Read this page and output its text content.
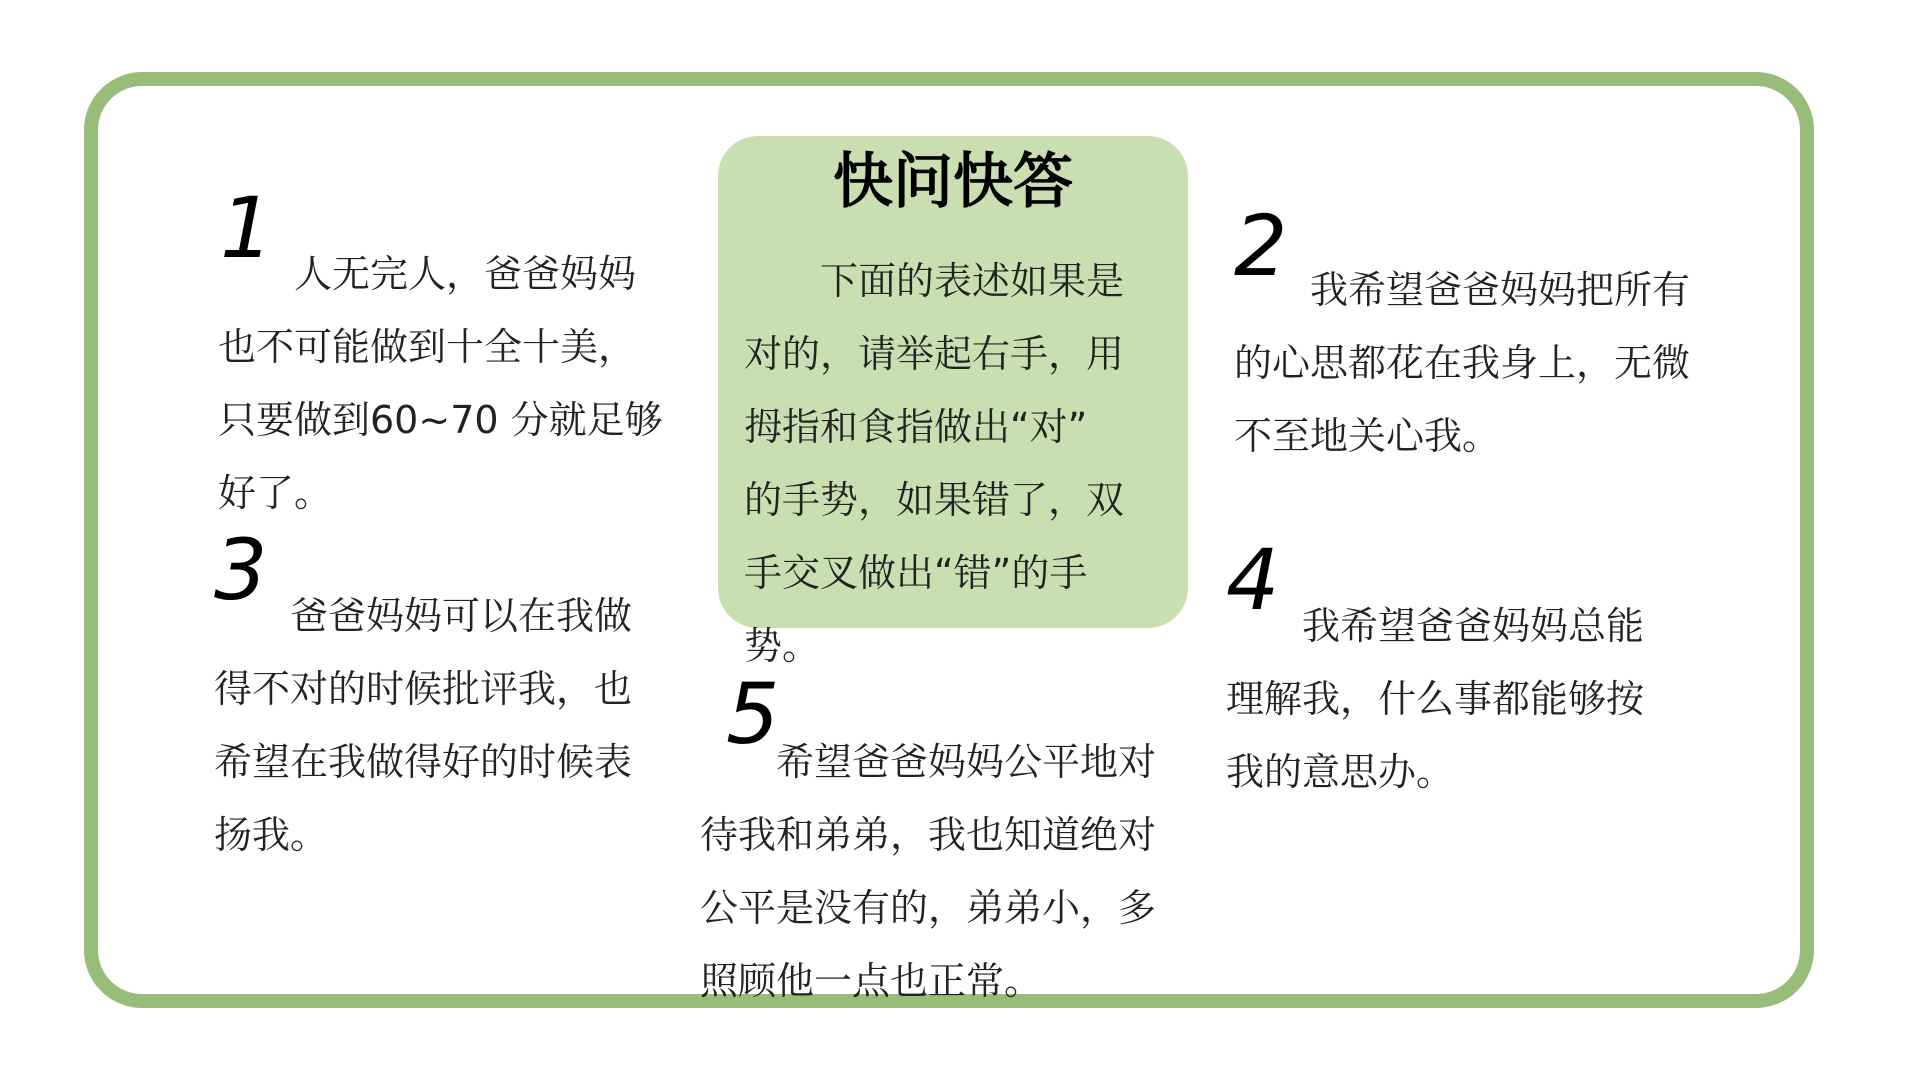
快问快答

　　下面的表述如果是
对的，请举起右手，用
拇指和食指做出“对”
的手势，如果错了，双
手交叉做出“错”的手
势。

1 　　人无完人，爸爸妈妈
也不可能做到十全十美，
只要做到60~70 分就足够
好了。

3 　　爸爸妈妈可以在我做
得不对的时候批评我，也
希望在我做得好的时候表
扬我。

2 　　我希望爸爸妈妈把所有
的心思都花在我身上，无微
不至地关心我。

4 　　我希望爸爸妈妈总能
理解我，什么事都能够按
我的意思办。

5

　　希望爸爸妈妈公平地对
待我和弟弟，我也知道绝对
公平是没有的，弟弟小，多
照顾他一点也正常。
